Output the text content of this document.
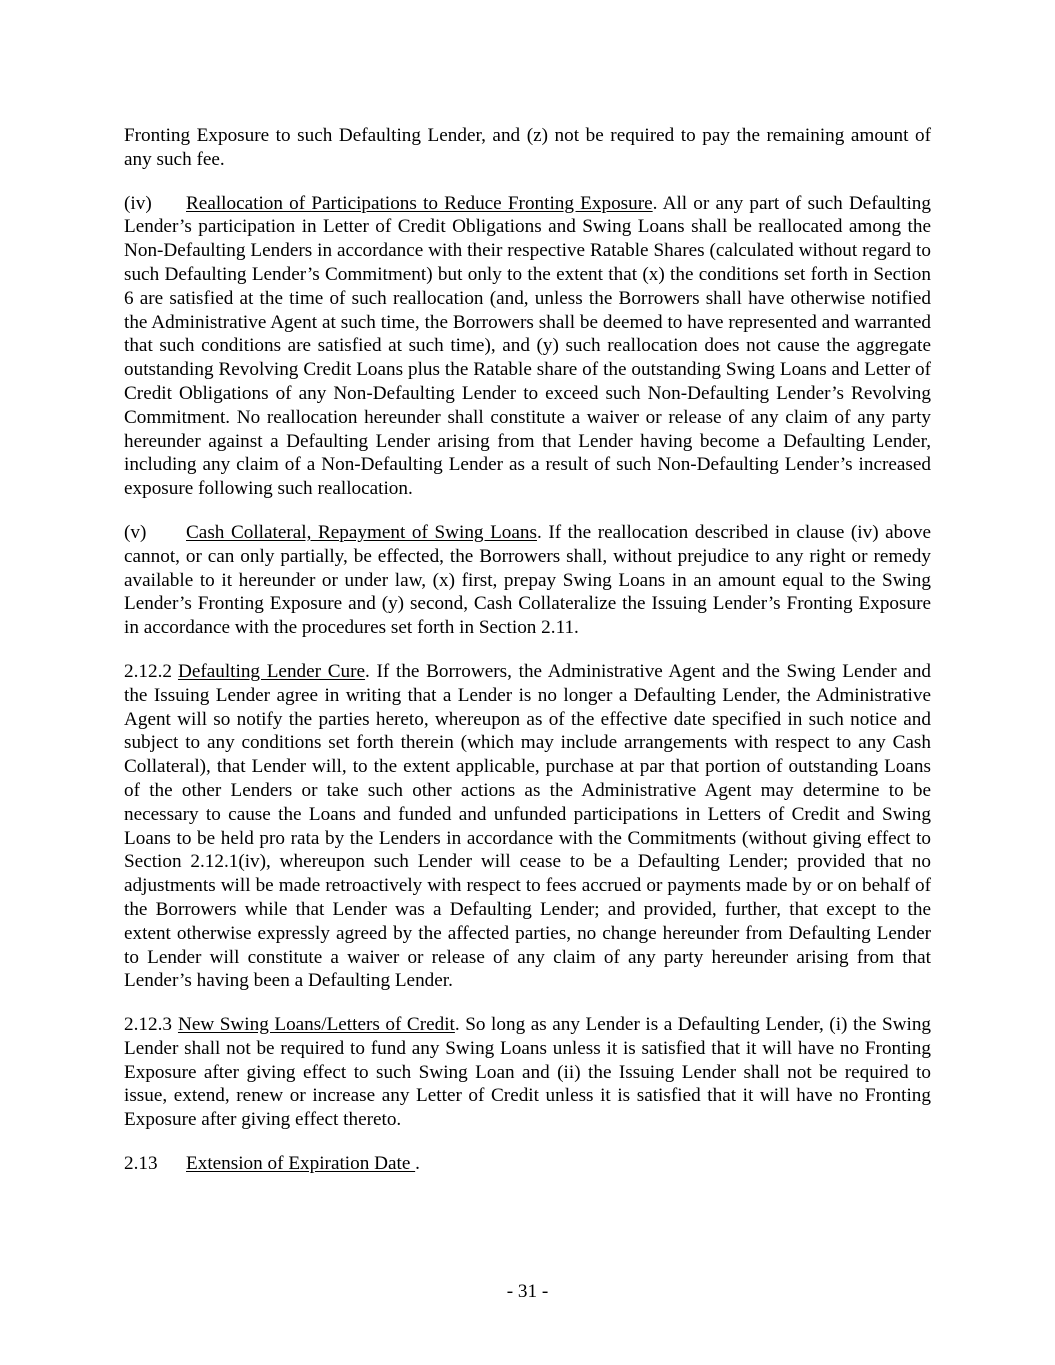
Fronting Exposure to such Defaulting Lender, and (z) not be required to pay the remaining amount of any such fee.

(iv) Reallocation of Participations to Reduce Fronting Exposure. All or any part of such Defaulting Lender’s participation in Letter of Credit Obligations and Swing Loans shall be reallocated among the Non-Defaulting Lenders in accordance with their respective Ratable Shares (calculated without regard to such Defaulting Lender’s Commitment) but only to the extent that (x) the conditions set forth in Section 6 are satisfied at the time of such reallocation (and, unless the Borrowers shall have otherwise notified the Administrative Agent at such time, the Borrowers shall be deemed to have represented and warranted that such conditions are satisfied at such time), and (y) such reallocation does not cause the aggregate outstanding Revolving Credit Loans plus the Ratable share of the outstanding Swing Loans and Letter of Credit Obligations of any Non-Defaulting Lender to exceed such Non-Defaulting Lender’s Revolving Commitment. No reallocation hereunder shall constitute a waiver or release of any claim of any party hereunder against a Defaulting Lender arising from that Lender having become a Defaulting Lender, including any claim of a Non-Defaulting Lender as a result of such Non-Defaulting Lender’s increased exposure following such reallocation.

(v) Cash Collateral, Repayment of Swing Loans. If the reallocation described in clause (iv) above cannot, or can only partially, be effected, the Borrowers shall, without prejudice to any right or remedy available to it hereunder or under law, (x) first, prepay Swing Loans in an amount equal to the Swing Lender’s Fronting Exposure and (y) second, Cash Collateralize the Issuing Lender’s Fronting Exposure in accordance with the procedures set forth in Section 2.11.

2.12.2 Defaulting Lender Cure. If the Borrowers, the Administrative Agent and the Swing Lender and the Issuing Lender agree in writing that a Lender is no longer a Defaulting Lender, the Administrative Agent will so notify the parties hereto, whereupon as of the effective date specified in such notice and subject to any conditions set forth therein (which may include arrangements with respect to any Cash Collateral), that Lender will, to the extent applicable, purchase at par that portion of outstanding Loans of the other Lenders or take such other actions as the Administrative Agent may determine to be necessary to cause the Loans and funded and unfunded participations in Letters of Credit and Swing Loans to be held pro rata by the Lenders in accordance with the Commitments (without giving effect to Section 2.12.1(iv), whereupon such Lender will cease to be a Defaulting Lender; provided that no adjustments will be made retroactively with respect to fees accrued or payments made by or on behalf of the Borrowers while that Lender was a Defaulting Lender; and provided, further, that except to the extent otherwise expressly agreed by the affected parties, no change hereunder from Defaulting Lender to Lender will constitute a waiver or release of any claim of any party hereunder arising from that Lender’s having been a Defaulting Lender.

2.12.3 New Swing Loans/Letters of Credit. So long as any Lender is a Defaulting Lender, (i) the Swing Lender shall not be required to fund any Swing Loans unless it is satisfied that it will have no Fronting Exposure after giving effect to such Swing Loan and (ii) the Issuing Lender shall not be required to issue, extend, renew or increase any Letter of Credit unless it is satisfied that it will have no Fronting Exposure after giving effect thereto.

2.13 Extension of Expiration Date .

- 31 -
